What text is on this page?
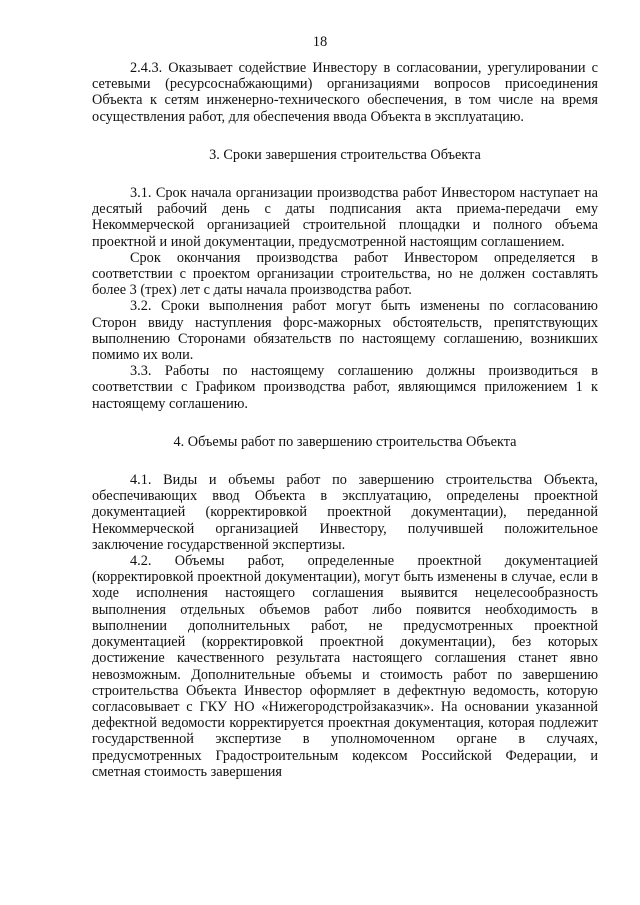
18

2.4.3. Оказывает содействие Инвестору в согласовании, урегулировании с сетевыми (ресурсоснабжающими) организациями вопросов присоединения Объекта к сетям инженерно-технического обеспечения, в том числе на время осуществления работ, для обеспечения ввода Объекта в эксплуатацию.

3. Сроки завершения строительства Объекта

3.1. Срок начала организации производства работ Инвестором наступает на десятый рабочий день с даты подписания акта приема-передачи ему Некоммерческой организацией строительной площадки и полного объема проектной и иной документации, предусмотренной настоящим соглашением.

Срок окончания производства работ Инвестором определяется в соответствии с проектом организации строительства, но не должен составлять более 3 (трех) лет с даты начала производства работ.

3.2. Сроки выполнения работ могут быть изменены по согласованию Сторон ввиду наступления форс-мажорных обстоятельств, препятствующих выполнению Сторонами обязательств по настоящему соглашению, возникших помимо их воли.

3.3. Работы по настоящему соглашению должны производиться в соответствии с Графиком производства работ, являющимся приложением 1 к настоящему соглашению.

4. Объемы работ по завершению строительства Объекта

4.1. Виды и объемы работ по завершению строительства Объекта, обеспечивающих ввод Объекта в эксплуатацию, определены проектной документацией (корректировкой проектной документации), переданной Некоммерческой организацией Инвестору, получившей положительное заключение государственной экспертизы.

4.2. Объемы работ, определенные проектной документацией (корректировкой проектной документации), могут быть изменены в случае, если в ходе исполнения настоящего соглашения выявится нецелесообразность выполнения отдельных объемов работ либо появится необходимость в выполнении дополнительных работ, не предусмотренных проектной документацией (корректировкой проектной документации), без которых достижение качественного результата настоящего соглашения станет явно невозможным. Дополнительные объемы и стоимость работ по завершению строительства Объекта Инвестор оформляет в дефектную ведомость, которую согласовывает с ГКУ НО «Нижегородстройзаказчик». На основании указанной дефектной ведомости корректируется проектная документация, которая подлежит государственной экспертизе в уполномоченном органе в случаях, предусмотренных Градостроительным кодексом Российской Федерации, и сметная стоимость завершения
